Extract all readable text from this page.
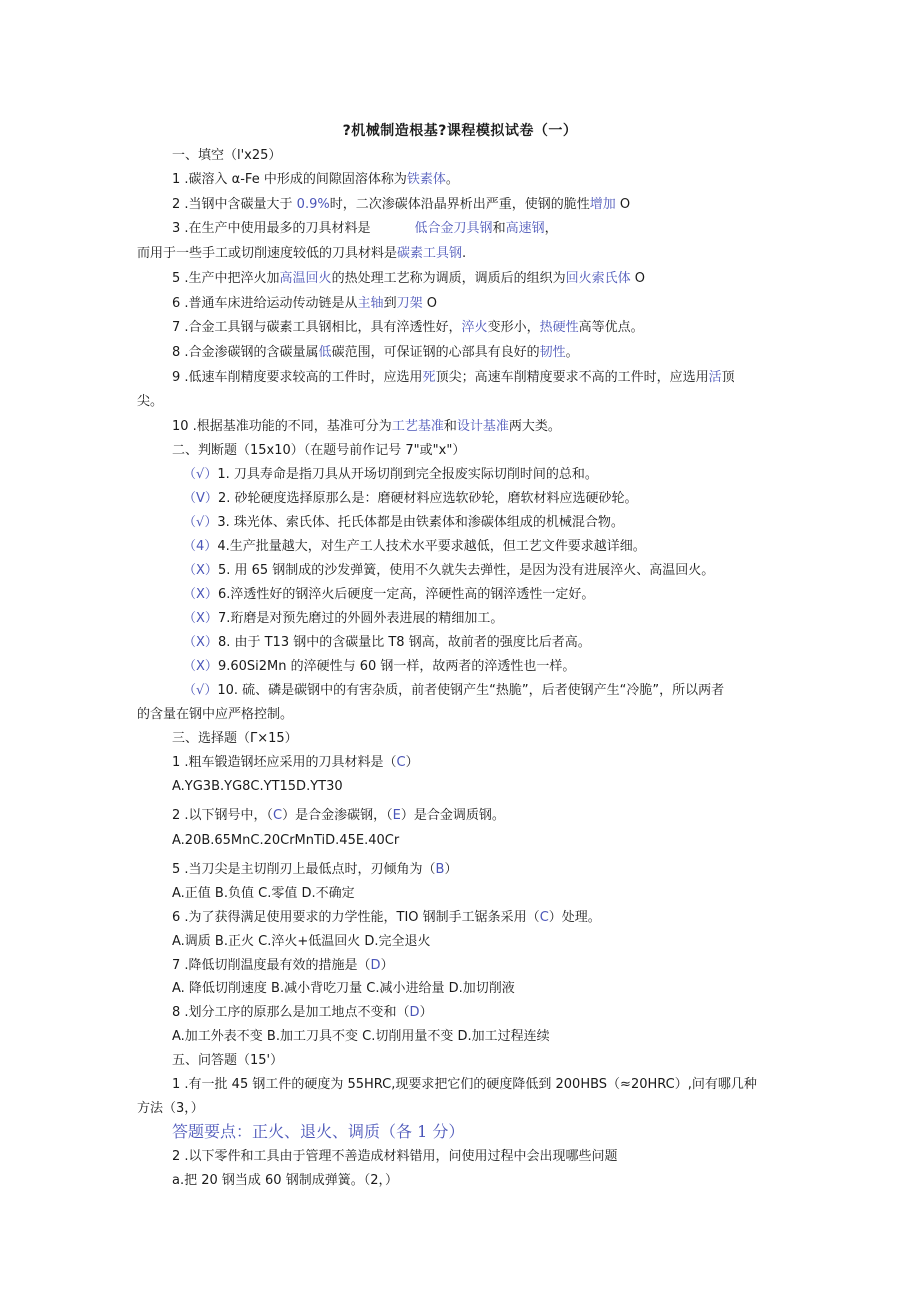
?机械制造根基?课程模拟试卷（一）
一、填空（l'x25）
1 .碳溶入 α-Fe 中形成的间隙固溶体称为铁素体。
2 .当钢中含碳量大于 0.9%时，二次渗碳体沿晶界析出严重，使钢的脆性增加 O
3 .在生产中使用最多的刀具材料是	低合金刀具钢和高速钢，
而用于一些手工或切削速度较低的刀具材料是碳素工具钢.
5 .生产中把淬火加高温回火的热处理工艺称为调质，调质后的组织为回火索氏体 O
6 .普通车床进给运动传动链是从主轴到刀架 O
7 .合金工具钢与碳素工具钢相比，具有淬透性好，淬火变形小，热硬性高等优点。
8 .合金渗碳钢的含碳量属低碳范围，可保证钢的心部具有良好的韧性。
9 .低速车削精度要求较高的工件时，应选用死顶尖；高速车削精度要求不高的工件时，应选用活顶
尖。
10 .根据基准功能的不同，基准可分为工艺基准和设计基准两大类。
二、判断题（15x10）（在题号前作记号 7"或"x"）
（√）1. 刀具寿命是指刀具从开场切削到完全报废实际切削时间的总和。
（V）2. 砂轮硬度选择原那么是：磨硬材料应选软砂轮，磨软材料应选硬砂轮。
（√）3. 珠光体、索氏体、托氏体都是由铁素体和渗碳体组成的机械混合物。
（4）4.生产批量越大，对生产工人技术水平要求越低，但工艺文件要求越详细。
（X）5. 用 65 钢制成的沙发弹簧，使用不久就失去弹性，是因为没有进展淬火、高温回火。
（X）6.淬透性好的钢淬火后硬度一定高，淬硬性高的钢淬透性一定好。
（X）7.珩磨是对预先磨过的外圆外表进展的精细加工。
（X）8. 由于 T13 钢中的含碳量比 T8 钢高，故前者的强度比后者高。
（X）9.60Si2Mn 的淬硬性与 60 钢一样，故两者的淬透性也一样。
（√）10. 硫、磷是碳钢中的有害杂质，前者使钢产生“热脆”，后者使钢产生“冷脆”，所以两者
的含量在钢中应严格控制。
三、选择题（Γ×15）
1 .粗车锻造钢坯应采用的刀具材料是（C）
A.YG3B.YG8C.YT15D.YT30
2 .以下钢号中，（C）是合金渗碳钢，（E）是合金调质钢。
A.20B.65MnC.20CrMnTiD.45E.40Cr
5 .当刀尖是主切削刃上最低点时，刃倾角为（B）
A.正值 B.负值 C.零值 D.不确定
6 .为了获得满足使用要求的力学性能，TIO 钢制手工锯条采用（C）处理。
A.调质 B.正火 C.淬火+低温回火 D.完全退火
7 .降低切削温度最有效的措施是（D）
A. 降低切削速度 B.减小背吃刀量 C.减小进给量 D.加切削液
8 .划分工序的原那么是加工地点不变和（D）
A.加工外表不变 B.加工刀具不变 C.切削用量不变 D.加工过程连续
五、问答题（15'）
1 .有一批 45 钢工件的硬度为 55HRC,现要求把它们的硬度降低到 200HBS（≈20HRC）,问有哪几种
方法（3，）
答题要点：正火、退火、调质（各 1 分）
2 .以下零件和工具由于管理不善造成材料错用，问使用过程中会出现哪些问题
a.把 20 钢当成 60 钢制成弹簧。（2，）
